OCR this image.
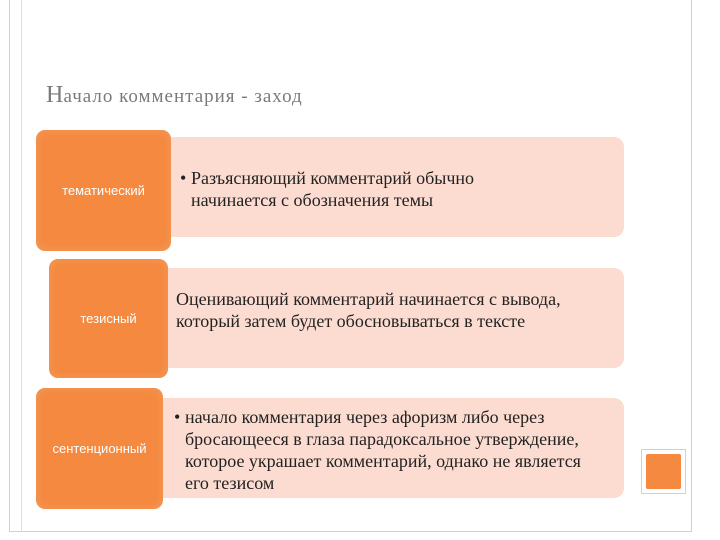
Начало комментария - заход
• Разъясняющий комментарий обычно начинается с обозначения темы
тематический
Оценивающий комментарий начинается с вывода, который затем будет обосновываться в тексте
тезисный
• начало комментария через афоризм либо через бросающееся в глаза парадоксальное утверждение, которое украшает комментарий, однако не является его тезисом
сентенционный
